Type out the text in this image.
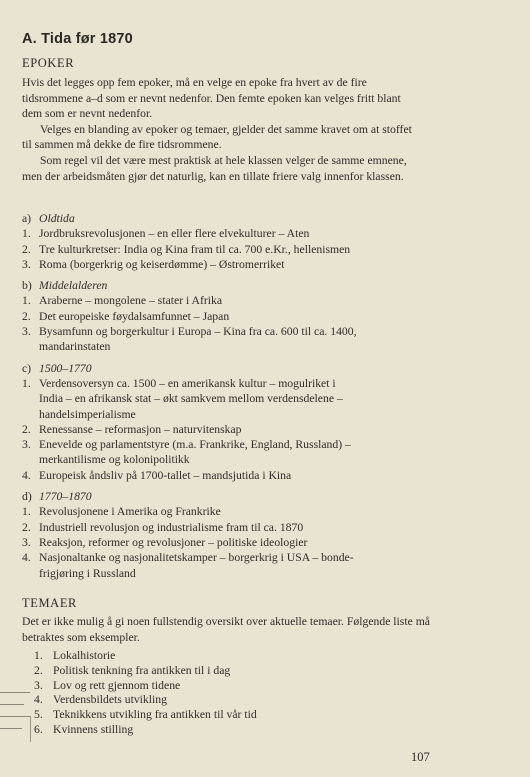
A. Tida før 1870
EPOKER

Hvis det legges opp fem epoker, må en velge en epoke fra hvert av de fire tidsrommene a–d som er nevnt nedenfor. Den femte epoken kan velges fritt blant dem som er nevnt nedenfor.

Velges en blanding av epoker og temaer, gjelder det samme kravet om at stoffet til sammen må dekke de fire tidsrommene.

Som regel vil det være mest praktisk at hele klassen velger de samme emnene, men der arbeidsmåten gjør det naturlig, kan en tillate friere valg innenfor klassen.

a) Oldtida
1. Jordbruksrevolusjonen – en eller flere elvekulturer – Aten
2. Tre kulturkretser: India og Kina fram til ca. 700 e.Kr., hellenismen
3. Roma (borgerkrig og keiserdømme) – Østromerriket
b) Middelalderen
1. Araberne – mongolene – stater i Afrika
2. Det europeiske føydalsamfunnet – Japan
3. Bysamfunn og borgerkultur i Europa – Kina fra ca. 600 til ca. 1400,
mandarinstaten
c) 1500–1770
1. Verdensoversyn ca. 1500 – en amerikansk kultur – mogulriket i
India – en afrikansk stat – økt samkvem mellom verdensdelene –
handelsimperialisme
2. Renessanse – reformasjon – naturvitenskap
3. Enevelde og parlamentstyre (m.a. Frankrike, England, Russland) –
merkantilisme og kolonipolitikk
4. Europeisk åndsliv på 1700-tallet – mandsjutida i Kina
d) 1770–1870
1. Revolusjonene i Amerika og Frankrike
2. Industriell revolusjon og industrialisme fram til ca. 1870
3. Reaksjon, reformer og revolusjoner – politiske ideologier
4. Nasjonaltanke og nasjonalitetskamper – borgerkrig i USA – bonde-
frigjøring i Russland
TEMAER

Det er ikke mulig å gi noen fullstendig oversikt over aktuelle temaer. Følgende liste må betraktes som eksempler.

1. Lokalhistorie
2. Politisk tenkning fra antikken til i dag
3. Lov og rett gjennom tidene
4. Verdensbildets utvikling
5. Teknikkens utvikling fra antikken til vår tid
6. Kvinnens stilling
107
